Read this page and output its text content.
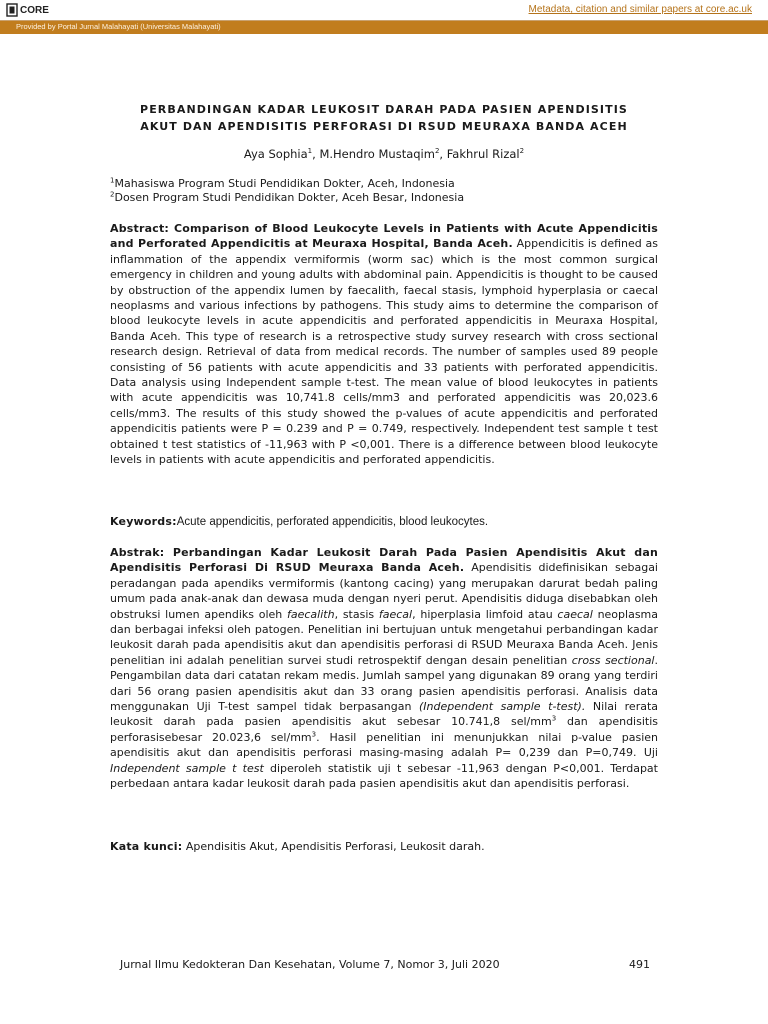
CORE	Metadata, citation and similar papers at core.ac.uk
Provided by Portal Jurnal Malahayati (Universitas Malahayati)
PERBANDINGAN KADAR LEUKOSIT DARAH PADA PASIEN APENDISITIS
AKUT DAN APENDISITIS PERFORASI DI RSUD MEURAXA BANDA ACEH
Aya Sophia$^1$, M.Hendro Mustaqim$^2$, Fakhrul Rizal$^2$
$^1$Mahasiswa Program Studi Pendidikan Dokter, Aceh, Indonesia
$^2$Dosen Program Studi Pendidikan Dokter, Aceh Besar, Indonesia

Abstract: Comparison of Blood Leukocyte Levels in Patients with Acute Appendicitis and Perforated Appendicitis at Meuraxa Hospital, Banda Aceh. Appendicitis is defined as inflammation of the appendix vermiformis (worm sac) which is the most common surgical emergency in children and young adults with abdominal pain. Appendicitis is thought to be caused by obstruction of the appendix lumen by faecalith, faecal stasis, lymphoid hyperplasia or caecal neoplasms and various infections by pathogens. This study aims to determine the comparison of blood leukocyte levels in acute appendicitis and perforated appendicitis in Meuraxa Hospital, Banda Aceh. This type of research is a retrospective study survey research with cross sectional research design. Retrieval of data from medical records. The number of samples used 89 people consisting of 56 patients with acute appendicitis and 33 patients with perforated appendicitis. Data analysis using Independent sample t-test. The mean value of blood leukocytes in patients with acute appendicitis was 10,741.8 cells/mm3 and perforated appendicitis was 20,023.6 cells/mm3. The results of this study showed the p-values of acute appendicitis and perforated appendicitis patients were P = 0.239 and P = 0.749, respectively. Independent test sample t test obtained t test statistics of -11,963 with P <0,001. There is a difference between blood leukocyte levels in patients with acute appendicitis and perforated appendicitis.

Keywords:Acute appendicitis, perforated appendicitis, blood leukocytes.

Abstrak: Perbandingan Kadar Leukosit Darah Pada Pasien Apendisitis Akut dan Apendisitis Perforasi Di RSUD Meuraxa Banda Aceh. Apendisitis didefinisikan sebagai peradangan pada apendiks vermiformis (kantong cacing) yang merupakan darurat bedah paling umum pada anak-anak dan dewasa muda dengan nyeri perut. Apendisitis diduga disebabkan oleh obstruksi lumen apendiks oleh faecalith, stasis faecal, hiperplasia limfoid atau caecal neoplasma dan berbagai infeksi oleh patogen. Penelitian ini bertujuan untuk mengetahui perbandingan kadar leukosit darah pada apendisitis akut dan apendisitis perforasi di RSUD Meuraxa Banda Aceh. Jenis penelitian ini adalah penelitian survei studi retrospektif dengan desain penelitian cross sectional. Pengambilan data dari catatan rekam medis. Jumlah sampel yang digunakan 89 orang yang terdiri dari 56 orang pasien apendisitis akut dan 33 orang pasien apendisitis perforasi. Analisis data menggunakan Uji T-test sampel tidak berpasangan (Independent sample t-test). Nilai rerata leukosit darah pada pasien apendisitis akut sebesar 10.741,8 sel/$mm^3$ dan apendisitis perforasisebesar 20.023,6 sel/$mm^3$. Hasil penelitian ini menunjukkan nilai p-value pasien apendisitis akut dan apendisitis perforasi masing-masing adalah P= 0,239 dan P=0,749. Uji Independent sample t test diperoleh statistik uji t sebesar -11,963 dengan P<0,001. Terdapat perbedaan antara kadar leukosit darah pada pasien apendisitis akut dan apendisitis perforasi.

Kata kunci: Apendisitis Akut, Apendisitis Perforasi, Leukosit darah.

Jurnal Ilmu Kedokteran Dan Kesehatan, Volume 7, Nomor 3, Juli 2020	491
